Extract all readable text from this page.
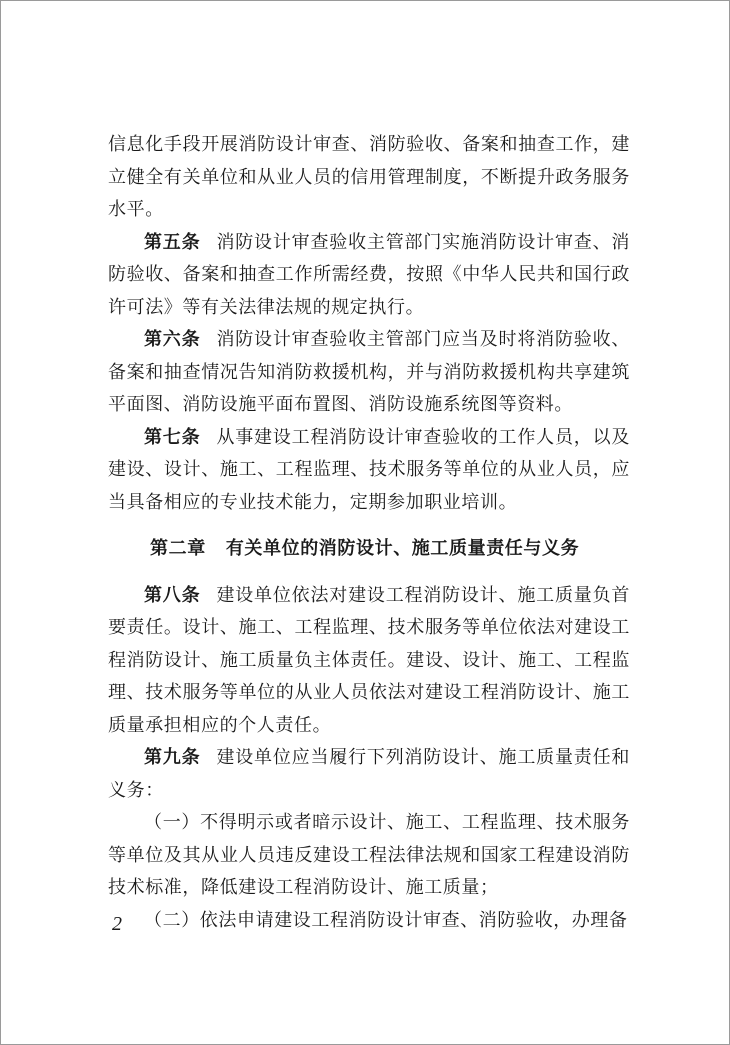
信息化手段开展消防设计审查、消防验收、备案和抽查工作，建立健全有关单位和从业人员的信用管理制度，不断提升政务服务水平。

第五条 消防设计审查验收主管部门实施消防设计审查、消防验收、备案和抽查工作所需经费，按照《中华人民共和国行政许可法》等有关法律法规的规定执行。

第六条 消防设计审查验收主管部门应当及时将消防验收、备案和抽查情况告知消防救援机构，并与消防救援机构共享建筑平面图、消防设施平面布置图、消防设施系统图等资料。

第七条 从事建设工程消防设计审查验收的工作人员，以及建设、设计、施工、工程监理、技术服务等单位的从业人员，应当具备相应的专业技术能力，定期参加职业培训。

第二章 有关单位的消防设计、施工质量责任与义务

第八条 建设单位依法对建设工程消防设计、施工质量负首要责任。设计、施工、工程监理、技术服务等单位依法对建设工程消防设计、施工质量负主体责任。建设、设计、施工、工程监理、技术服务等单位的从业人员依法对建设工程消防设计、施工质量承担相应的个人责任。

第九条 建设单位应当履行下列消防设计、施工质量责任和义务：

（一）不得明示或者暗示设计、施工、工程监理、技术服务等单位及其从业人员违反建设工程法律法规和国家工程建设消防技术标准，降低建设工程消防设计、施工质量；

（二）依法申请建设工程消防设计审查、消防验收，办理备

2
